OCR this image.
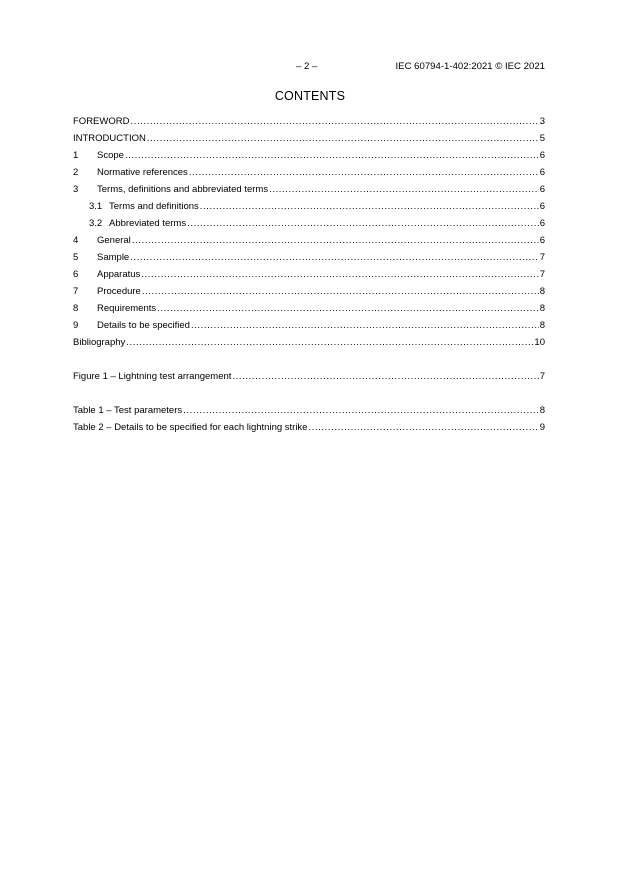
– 2 –	IEC 60794-1-402:2021 © IEC 2021
CONTENTS
FOREWORD .....	3
INTRODUCTION .....	5
1	Scope .....	6
2	Normative references .....	6
3	Terms, definitions and abbreviated terms .....	6
3.1 Terms and definitions .....	6
3.2 Abbreviated terms .....	6
4	General .....	6
5	Sample .....	7
6	Apparatus .....	7
7	Procedure .....	8
8	Requirements .....	8
9	Details to be specified .....	8
Bibliography .....	10
Figure 1 – Lightning test arrangement .....	7
Table 1 – Test parameters .....	8
Table 2 – Details to be specified for each lightning strike .....	9
